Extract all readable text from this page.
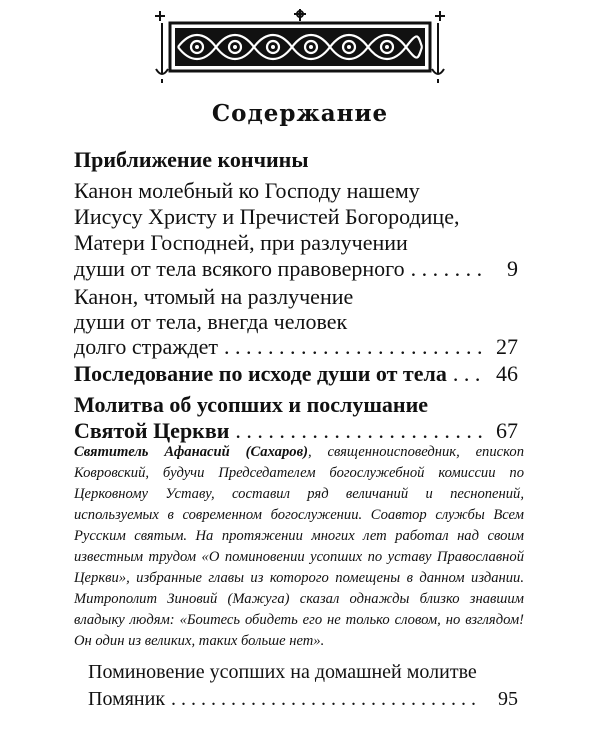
Содержание
Приближение кончины
Канон молебный ко Господу нашему
Иисусу Христу и Пречистей Богородице,
Матери Господней, при разлучении
души от тела всякого правоверного . . .	9
Канон, чтомый на разлучение
души от тела, внегда человек
долго страждет . . .	27
Последование по исходе души от тела . . .	46
Молитва об усопших и послушание
Святой Церкви . . .	67

Святитель Афанасий (Сахаров), священноисповедник, епископ Ковровский, будучи Председателем богослужебной комиссии по Церковному Уставу, составил ряд величаний и песнопений, используемых в современном богослужении. Соавтор службы Всем Русским святым. На протяжении многих лет работал над своим известным трудом «О поминовении усопших по уставу Православной Церкви», избранные главы из которого помещены в данном издании. Митрополит Зиновий (Мажуга) сказал однажды близко знавшим владыку людям: «Боитесь обидеть его не только словом, но взглядом! Он один из великих, таких больше нет».

Поминовение усопших на домашней молитве
Помяник . . .	95
